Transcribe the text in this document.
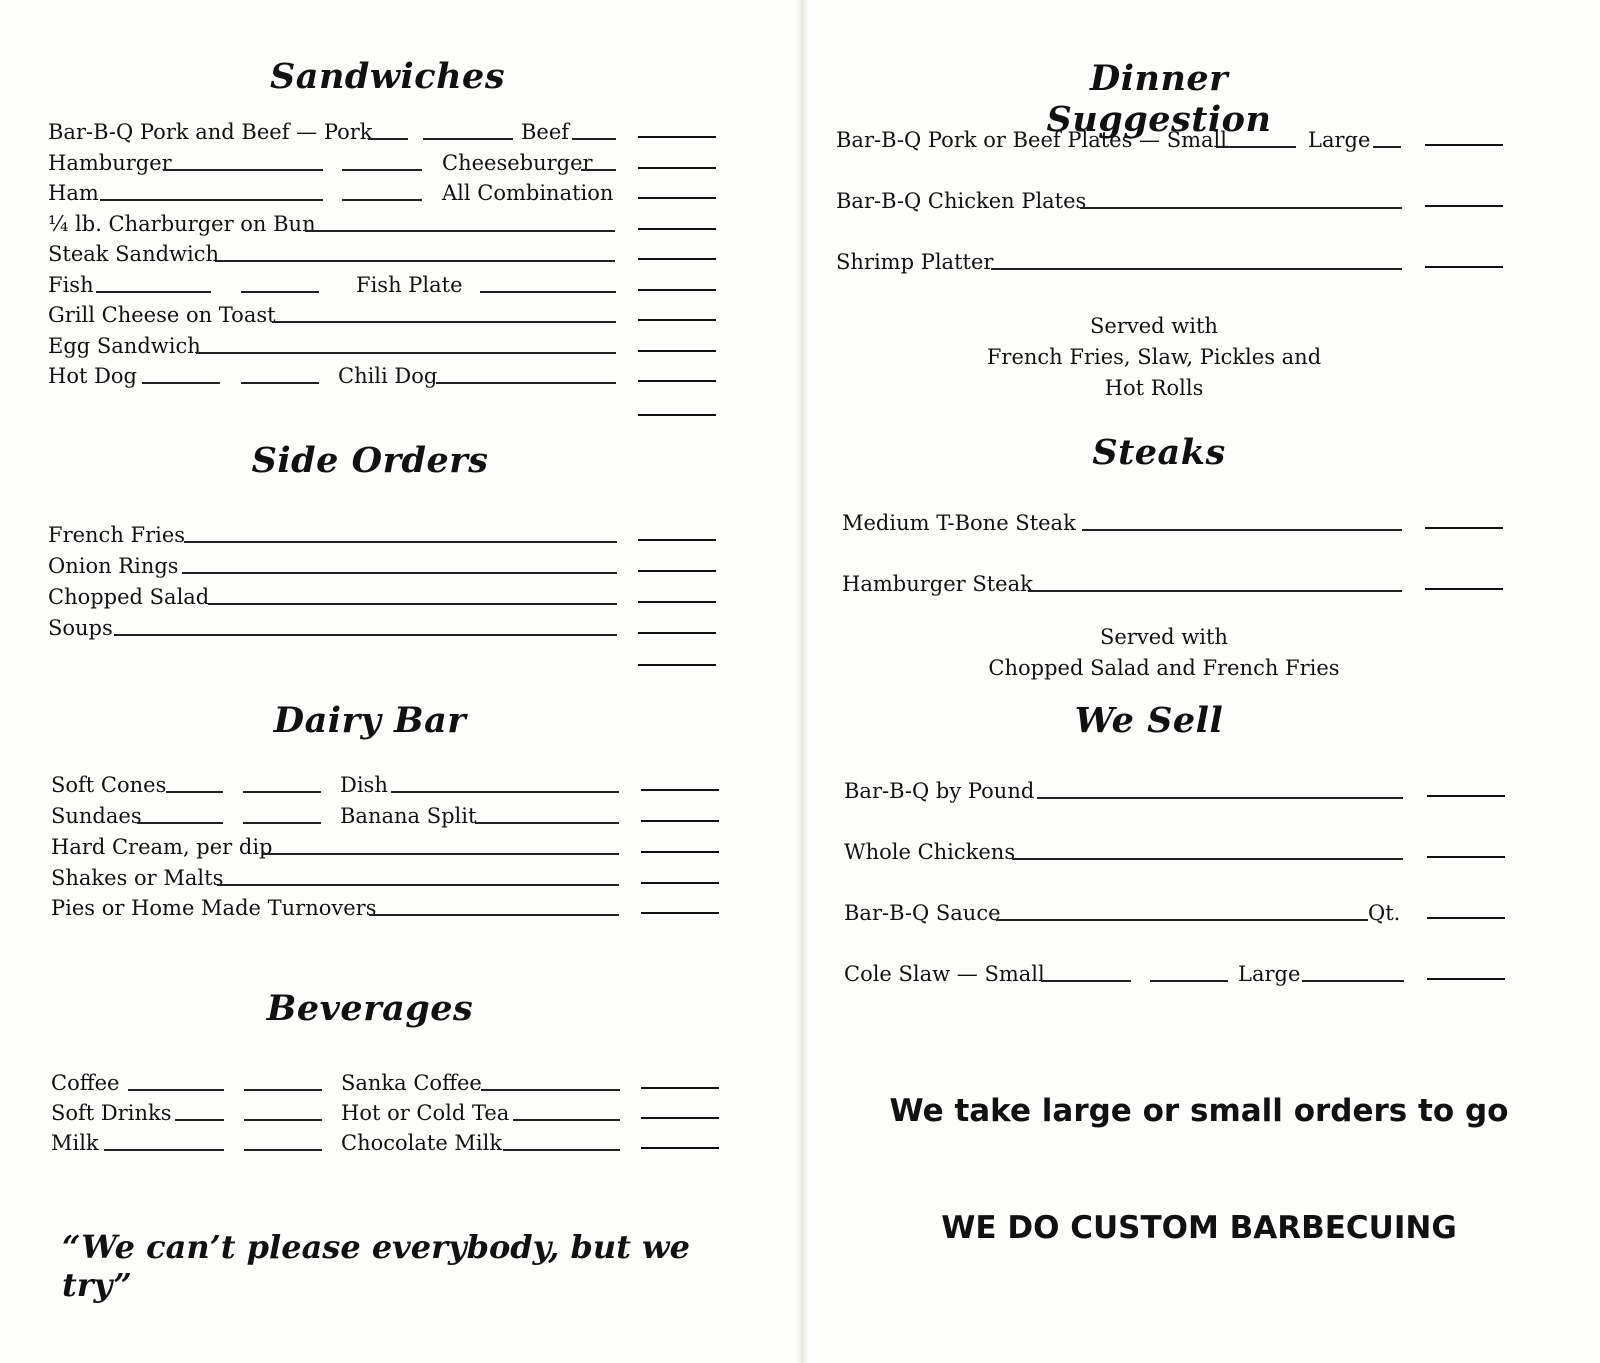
Sandwiches
Bar-B-Q Pork and Beef — Pork	Beef
Hamburger	Cheeseburger
Ham	All Combination
¼ lb. Charburger on Bun
Steak Sandwich
Fish	Fish Plate
Grill Cheese on Toast
Egg Sandwich
Hot Dog	Chili Dog
Side Orders
French Fries
Onion Rings
Chopped Salad
Soups
Dairy Bar
Soft Cones	Dish
Sundaes	Banana Split
Hard Cream, per dip
Shakes or Malts
Pies or Home Made Turnovers
Beverages
Coffee	Sanka Coffee
Soft Drinks	Hot or Cold Tea
Milk	Chocolate Milk

“We can’t please everybody, but we try”

Dinner Suggestion
Bar-B-Q Pork or Beef Plates — Small	Large
Bar-B-Q Chicken Plates
Shrimp Platter
Served with
French Fries, Slaw, Pickles and
Hot Rolls
Steaks
Medium T-Bone Steak
Hamburger Steak
Served with
Chopped Salad and French Fries
We Sell
Bar-B-Q by Pound
Whole Chickens
Bar-B-Q Sauce	Qt.
Cole Slaw — Small	Large

We take large or small orders to go

WE DO CUSTOM BARBECUING
